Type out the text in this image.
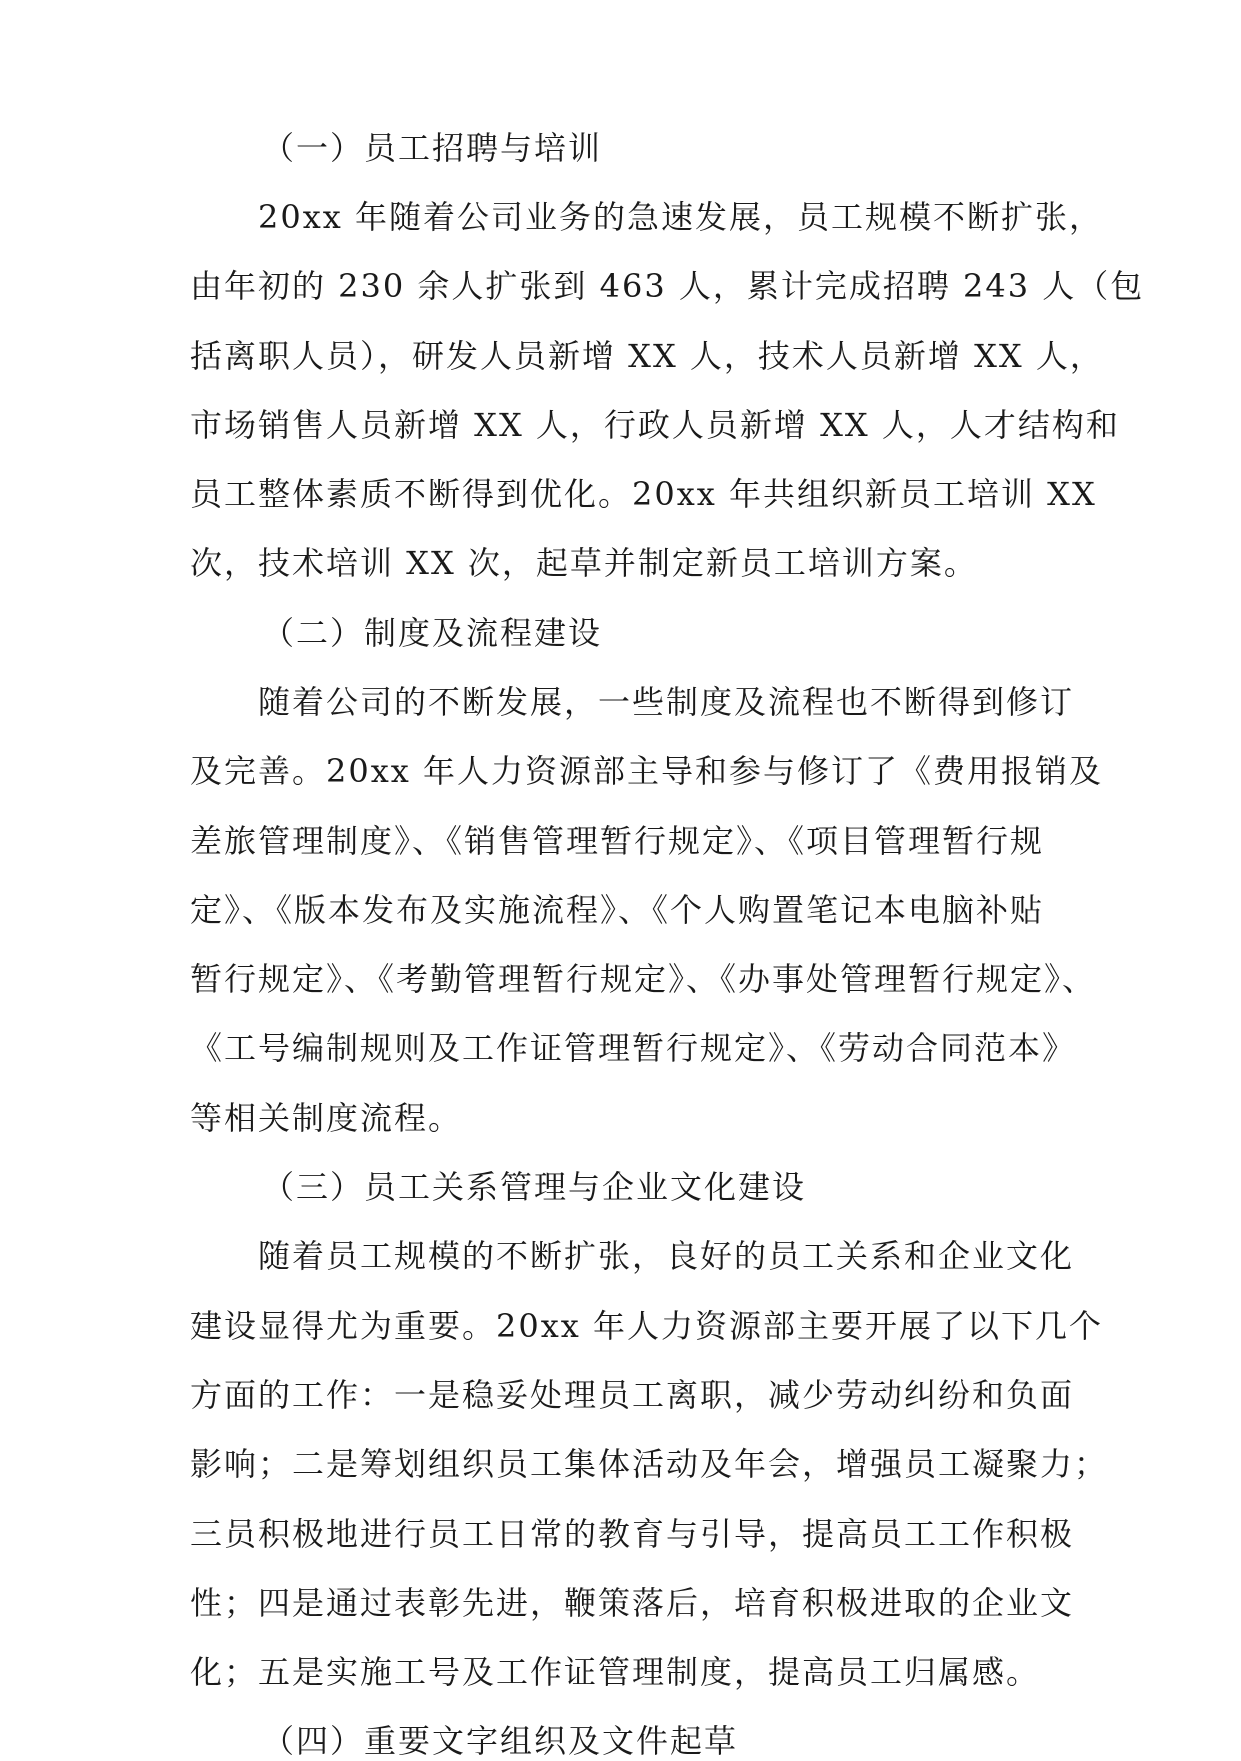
（一）员工招聘与培训
20xx 年随着公司业务的急速发展，员工规模不断扩张，
由年初的 230 余人扩张到 463 人，累计完成招聘 243 人（包
括离职人员），研发人员新增 XX 人，技术人员新增 XX 人，
市场销售人员新增 XX 人，行政人员新增 XX 人，人才结构和
员工整体素质不断得到优化。20xx 年共组织新员工培训 XX
次，技术培训 XX 次，起草并制定新员工培训方案。
（二）制度及流程建设
随着公司的不断发展，一些制度及流程也不断得到修订
及完善。20xx 年人力资源部主导和参与修订了《费用报销及
差旅管理制度》、《销售管理暂行规定》、《项目管理暂行规
定》、《版本发布及实施流程》、《个人购置笔记本电脑补贴
暂行规定》、《考勤管理暂行规定》、《办事处管理暂行规定》、
《工号编制规则及工作证管理暂行规定》、《劳动合同范本》
等相关制度流程。
（三）员工关系管理与企业文化建设
随着员工规模的不断扩张，良好的员工关系和企业文化
建设显得尤为重要。20xx 年人力资源部主要开展了以下几个
方面的工作：一是稳妥处理员工离职，减少劳动纠纷和负面
影响；二是筹划组织员工集体活动及年会，增强员工凝聚力；
三员积极地进行员工日常的教育与引导，提高员工工作积极
性；四是通过表彰先进，鞭策落后，培育积极进取的企业文
化；五是实施工号及工作证管理制度，提高员工归属感。
（四）重要文字组织及文件起草
